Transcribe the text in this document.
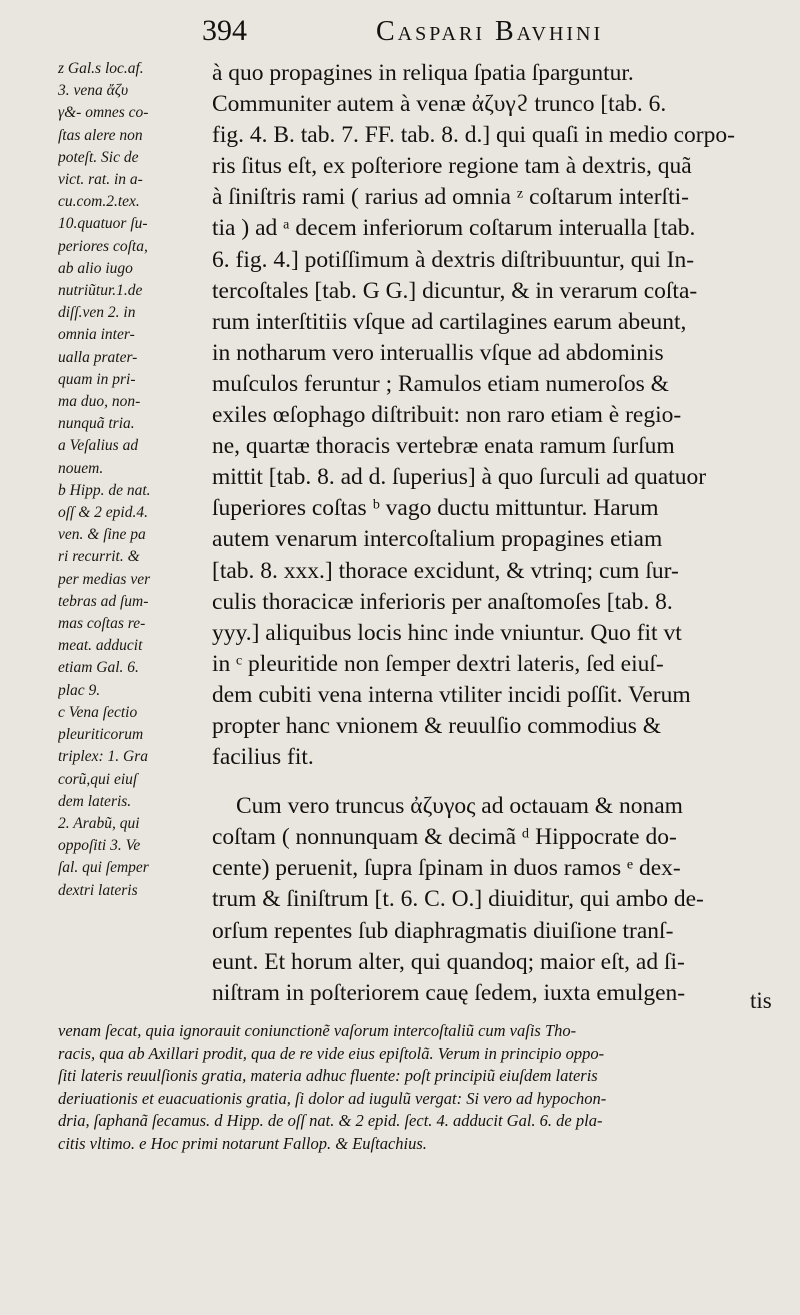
394	Caspari Bavhini
z Gal.s loc.af.
3. vena ἄζυ
γ&- omnes co-
ſtas alere non
poteſt. Sic de
vict. rat. in a-
cu.com.2.tex.
10.quatuor ſu-
periores coſta,
ab alio iugo
nutriũtur.1.de
diſſ.ven 2. in
omnia inter-
ualla prater-
quam in pri-
ma duo, non-
nunquã tria.
a Veſalius ad
nouem.
b Hipp. de nat.
oſſ & 2 epid.4.
ven. & ſine pa
ri recurrit. &
per medias ver
tebras ad ſum-
mas coſtas re-
meat. adducit
etiam Gal. 6.
plac 9.
c Vena ſectio
pleuriticorum
triplex: 1. Gra
corũ,qui eiuſ
dem lateris.
2. Arabũ, qui
oppoſiti 3. Ve
ſal. qui ſemper
dextri lateris
à quo propagines in reliqua ſpatia ſparguntur.
Communiter autem à venæ ἀζυγϩ trunco [tab. 6.
fig. 4. B. tab. 7. FF. tab. 8. d.] qui quaſi in medio corpo-
ris ſitus eſt, ex poſteriore regione tam à dextris, quã
à ſiniſtris rami ( rarius ad omnia ᶻ coſtarum interſti-
tia ) ad ᵃ decem inferiorum coſtarum interualla [tab.
6. fig. 4.] potiſſimum à dextris diſtribuuntur, qui In-
tercoſtales [tab. G G.] dicuntur, & in verarum coſta-
rum interſtitiis vſque ad cartilagines earum abeunt,
in notharum vero interuallis vſque ad abdominis
muſculos feruntur ; Ramulos etiam numeroſos &
exiles œſophago diſtribuit: non raro etiam è regio-
ne, quartæ thoracis vertebræ enata ramum ſurſum
mittit [tab. 8. ad d. ſuperius] à quo ſurculi ad quatuor
ſuperiores coſtas ᵇ vago ductu mittuntur. Harum
autem venarum intercoſtalium propagines etiam
[tab. 8. xxx.] thorace excidunt, & vtrinq; cum ſur-
culis thoracicæ inferioris per anaſtomoſes [tab. 8.
yyy.] aliquibus locis hinc inde vniuntur. Quo fit vt
in ᶜ pleuritide non ſemper dextri lateris, ſed eiuſ-
dem cubiti vena interna vtiliter incidi poſſit. Verum
propter hanc vnionem & reuulſio commodius &
facilius fit.
Cum vero truncus ἀζυγος ad octauam & nonam
coſtam ( nonnunquam & decimã ᵈ Hippocrate do-
cente) peruenit, ſupra ſpinam in duos ramos ᵉ dex-
trum & ſiniſtrum [t. 6. C. O.] diuiditur, qui ambo de-
orſum repentes ſub diaphragmatis diuiſione tranſ-
eunt. Et horum alter, qui quandoq; maior eſt, ad ſi-
niſtram in poſteriorem cauę ſedem, iuxta emulgen-	tis
venam ſecat, quia ignorauit coniunctionẽ vaſorum intercoſtaliũ cum vaſis Tho-
racis, qua ab Axillari prodit, qua de re vide eius epiſtolã. Verum in principio oppo-
ſiti lateris reuulſionis gratia, materia adhuc fluente: poſt principiũ eiuſdem lateris
deriuationis et euacuationis gratia, ſi dolor ad iugulũ vergat: Si vero ad hypochon-
dria, ſaphanã ſecamus. d Hipp. de oſſ nat. & 2 epid. ſect. 4. adducit Gal. 6. de pla-
citis vltimo. e Hoc primi notarunt Fallop. & Euſtachius.
